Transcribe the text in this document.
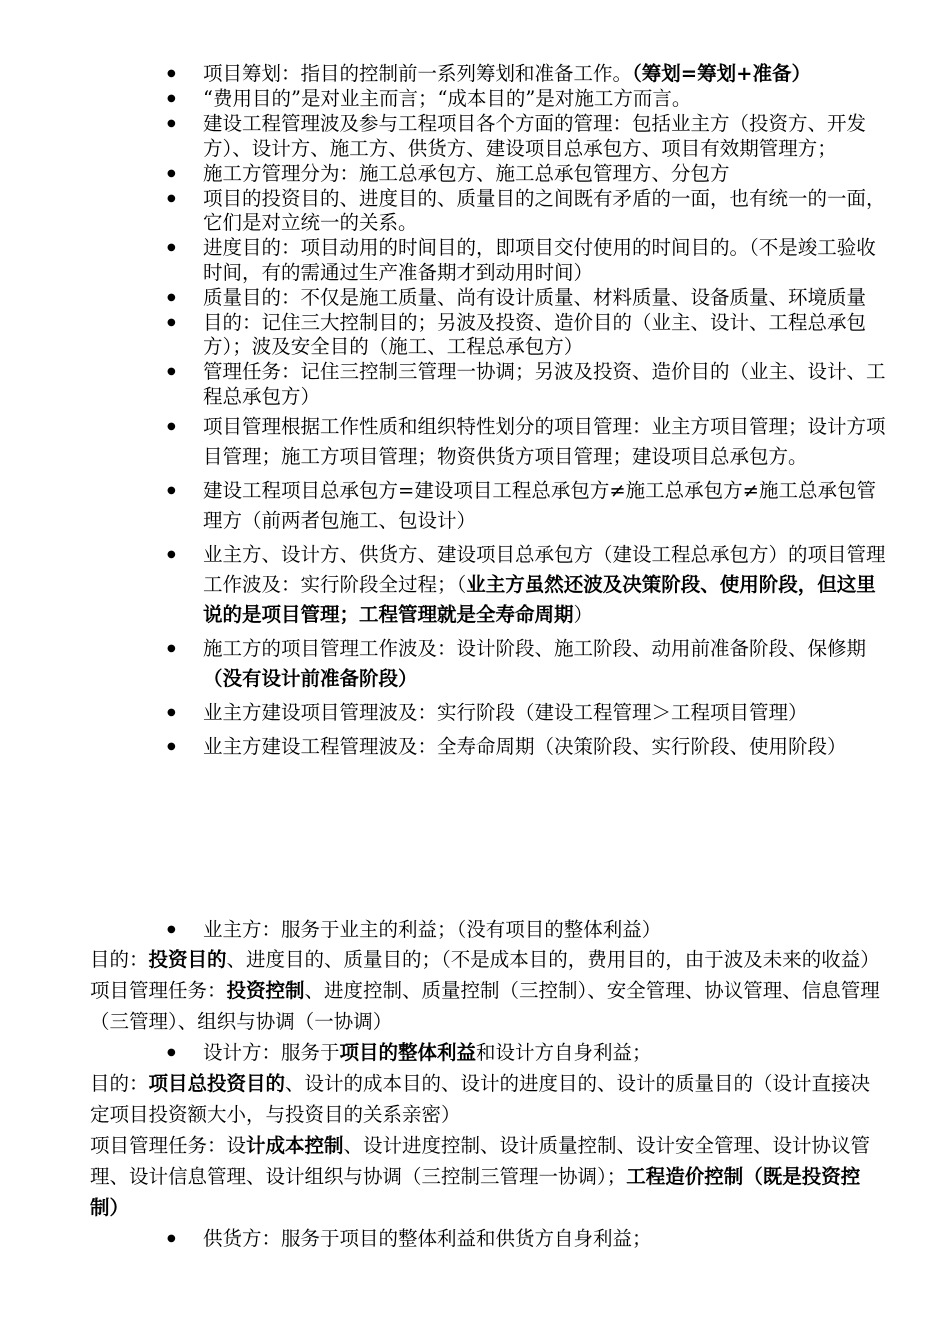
● 项目筹划：指目的控制前一系列筹划和准备工作。（筹划=筹划+准备）
● “费用目的”是对业主而言；“成本目的”是对施工方而言。
● 建设工程管理波及参与工程项目各个方面的管理：包括业主方（投资方、开发方）、设计方、施工方、供货方、建设项目总承包方、项目有效期管理方；
● 施工方管理分为：施工总承包方、施工总承包管理方、分包方
● 项目的投资目的、进度目的、质量目的之间既有矛盾的一面，也有统一的一面，它们是对立统一的关系。
● 进度目的：项目动用的时间目的，即项目交付使用的时间目的。（不是竣工验收时间，有的需通过生产准备期才到动用时间）
● 质量目的：不仅是施工质量、尚有设计质量、材料质量、设备质量、环境质量
● 目的：记住三大控制目的；另波及投资、造价目的（业主、设计、工程总承包方）；波及安全目的（施工、工程总承包方）
● 管理任务：记住三控制三管理一协调；另波及投资、造价目的（业主、设计、工程总承包方）
● 项目管理根据工作性质和组织特性划分的项目管理：业主方项目管理；设计方项目管理；施工方项目管理；物资供货方项目管理；建设项目总承包方。
● 建设工程项目总承包方=建设项目工程总承包方≠施工总承包方≠施工总承包管理方（前两者包施工、包设计）
● 业主方、设计方、供货方、建设项目总承包方（建设工程总承包方）的项目管理工作波及：实行阶段全过程；（业主方虽然还波及决策阶段、使用阶段，但这里说的是项目管理；工程管理就是全寿命周期）
● 施工方的项目管理工作波及：设计阶段、施工阶段、动用前准备阶段、保修期（没有设计前准备阶段）
● 业主方建设项目管理波及：实行阶段（建设工程管理＞工程项目管理）
● 业主方建设工程管理波及：全寿命周期（决策阶段、实行阶段、使用阶段）
● 业主方：服务于业主的利益；（没有项目的整体利益）

目的：投资目的、进度目的、质量目的；（不是成本目的，费用目的，由于波及未来的收益）

项目管理任务：投资控制、进度控制、质量控制（三控制）、安全管理、协议管理、信息管理（三管理）、组织与协调（一协调）

● 设计方：服务于项目的整体利益和设计方自身利益；

目的：项目总投资目的、设计的成本目的、设计的进度目的、设计的质量目的（设计直接决定项目投资额大小，与投资目的关系亲密）

项目管理任务：设计成本控制、设计进度控制、设计质量控制、设计安全管理、设计协议管理、设计信息管理、设计组织与协调（三控制三管理一协调）；工程造价控制（既是投资控制）

● 供货方：服务于项目的整体利益和供货方自身利益；
